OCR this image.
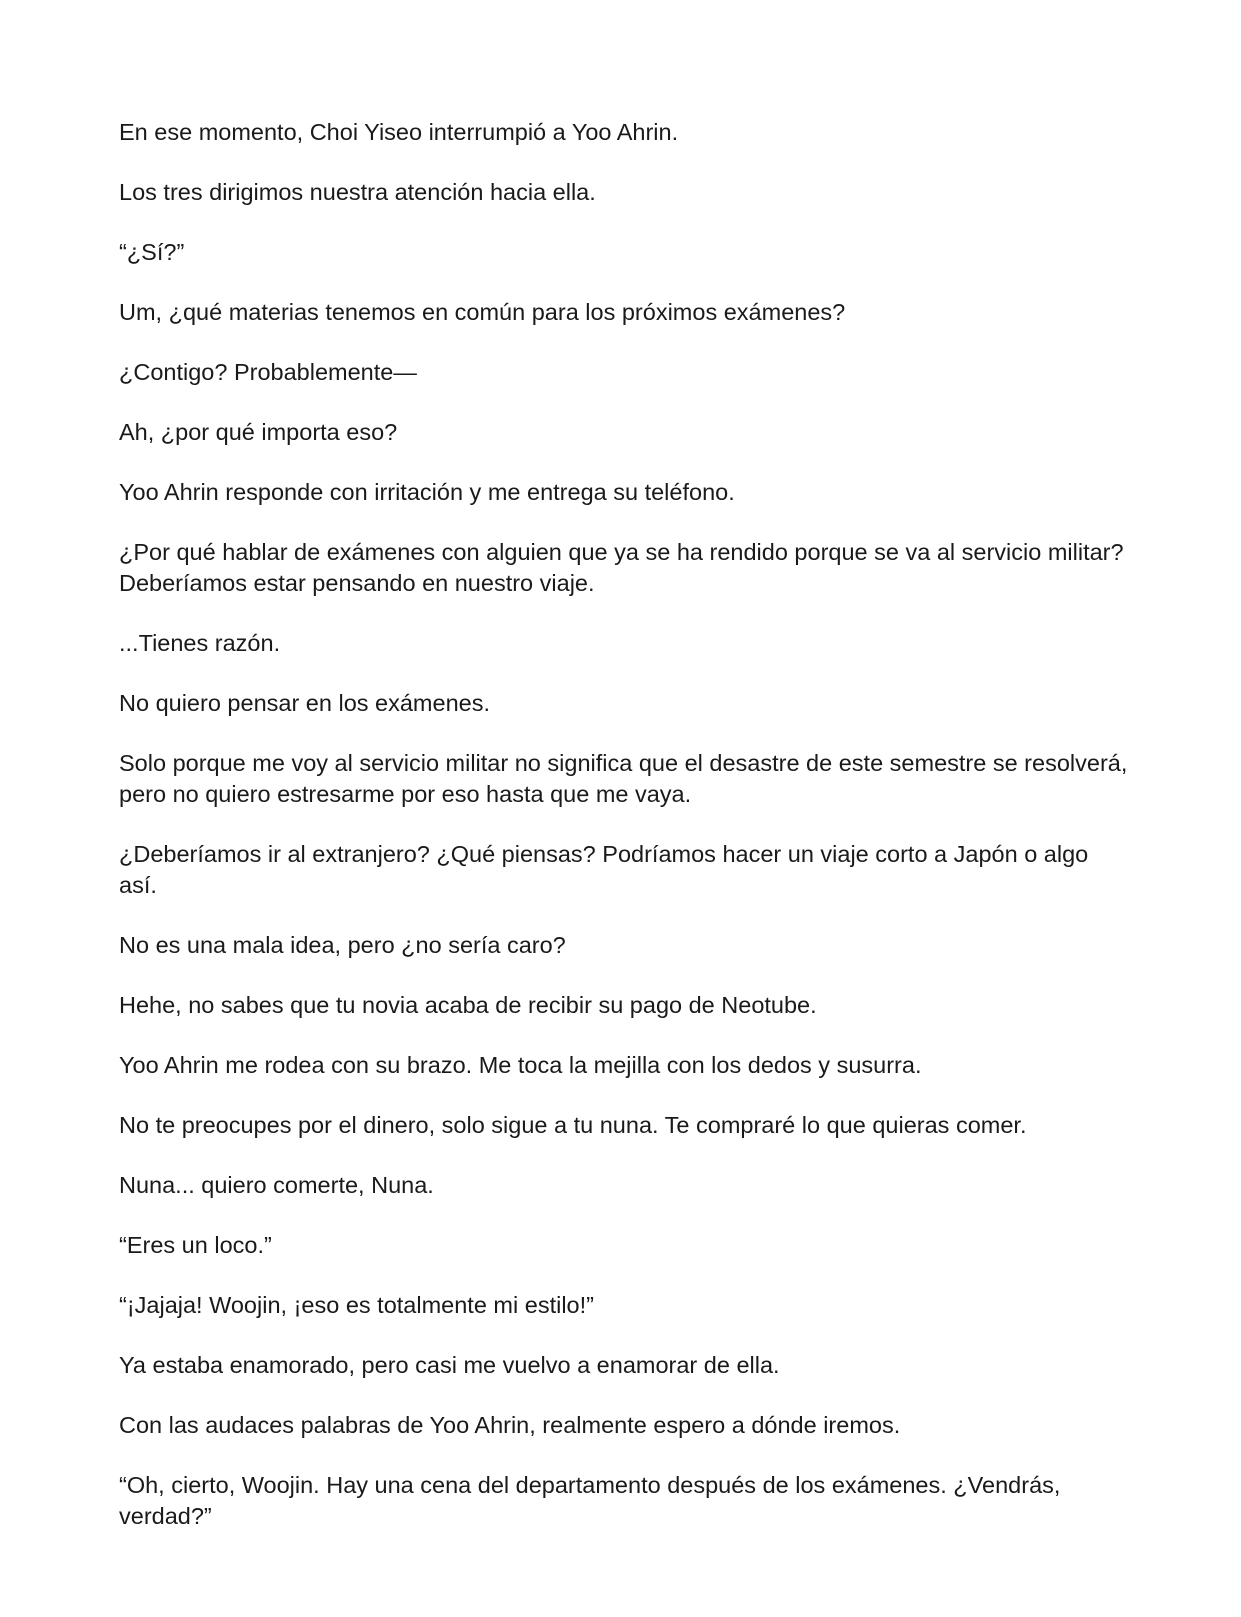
En ese momento, Choi Yiseo interrumpió a Yoo Ahrin.

Los tres dirigimos nuestra atención hacia ella.

“¿Sí?”

Um, ¿qué materias tenemos en común para los próximos exámenes?

¿Contigo? Probablemente—

Ah, ¿por qué importa eso?

Yoo Ahrin responde con irritación y me entrega su teléfono.

¿Por qué hablar de exámenes con alguien que ya se ha rendido porque se va al servicio militar? Deberíamos estar pensando en nuestro viaje.

...Tienes razón.

No quiero pensar en los exámenes.

Solo porque me voy al servicio militar no significa que el desastre de este semestre se resolverá, pero no quiero estresarme por eso hasta que me vaya.

¿Deberíamos ir al extranjero? ¿Qué piensas? Podríamos hacer un viaje corto a Japón o algo así.

No es una mala idea, pero ¿no sería caro?

Hehe, no sabes que tu novia acaba de recibir su pago de Neotube.

Yoo Ahrin me rodea con su brazo. Me toca la mejilla con los dedos y susurra.

No te preocupes por el dinero, solo sigue a tu nuna. Te compraré lo que quieras comer.

Nuna... quiero comerte, Nuna.

“Eres un loco.”

“¡Jajaja! Woojin, ¡eso es totalmente mi estilo!”

Ya estaba enamorado, pero casi me vuelvo a enamorar de ella.

Con las audaces palabras de Yoo Ahrin, realmente espero a dónde iremos.

“Oh, cierto, Woojin. Hay una cena del departamento después de los exámenes. ¿Vendrás, verdad?”
